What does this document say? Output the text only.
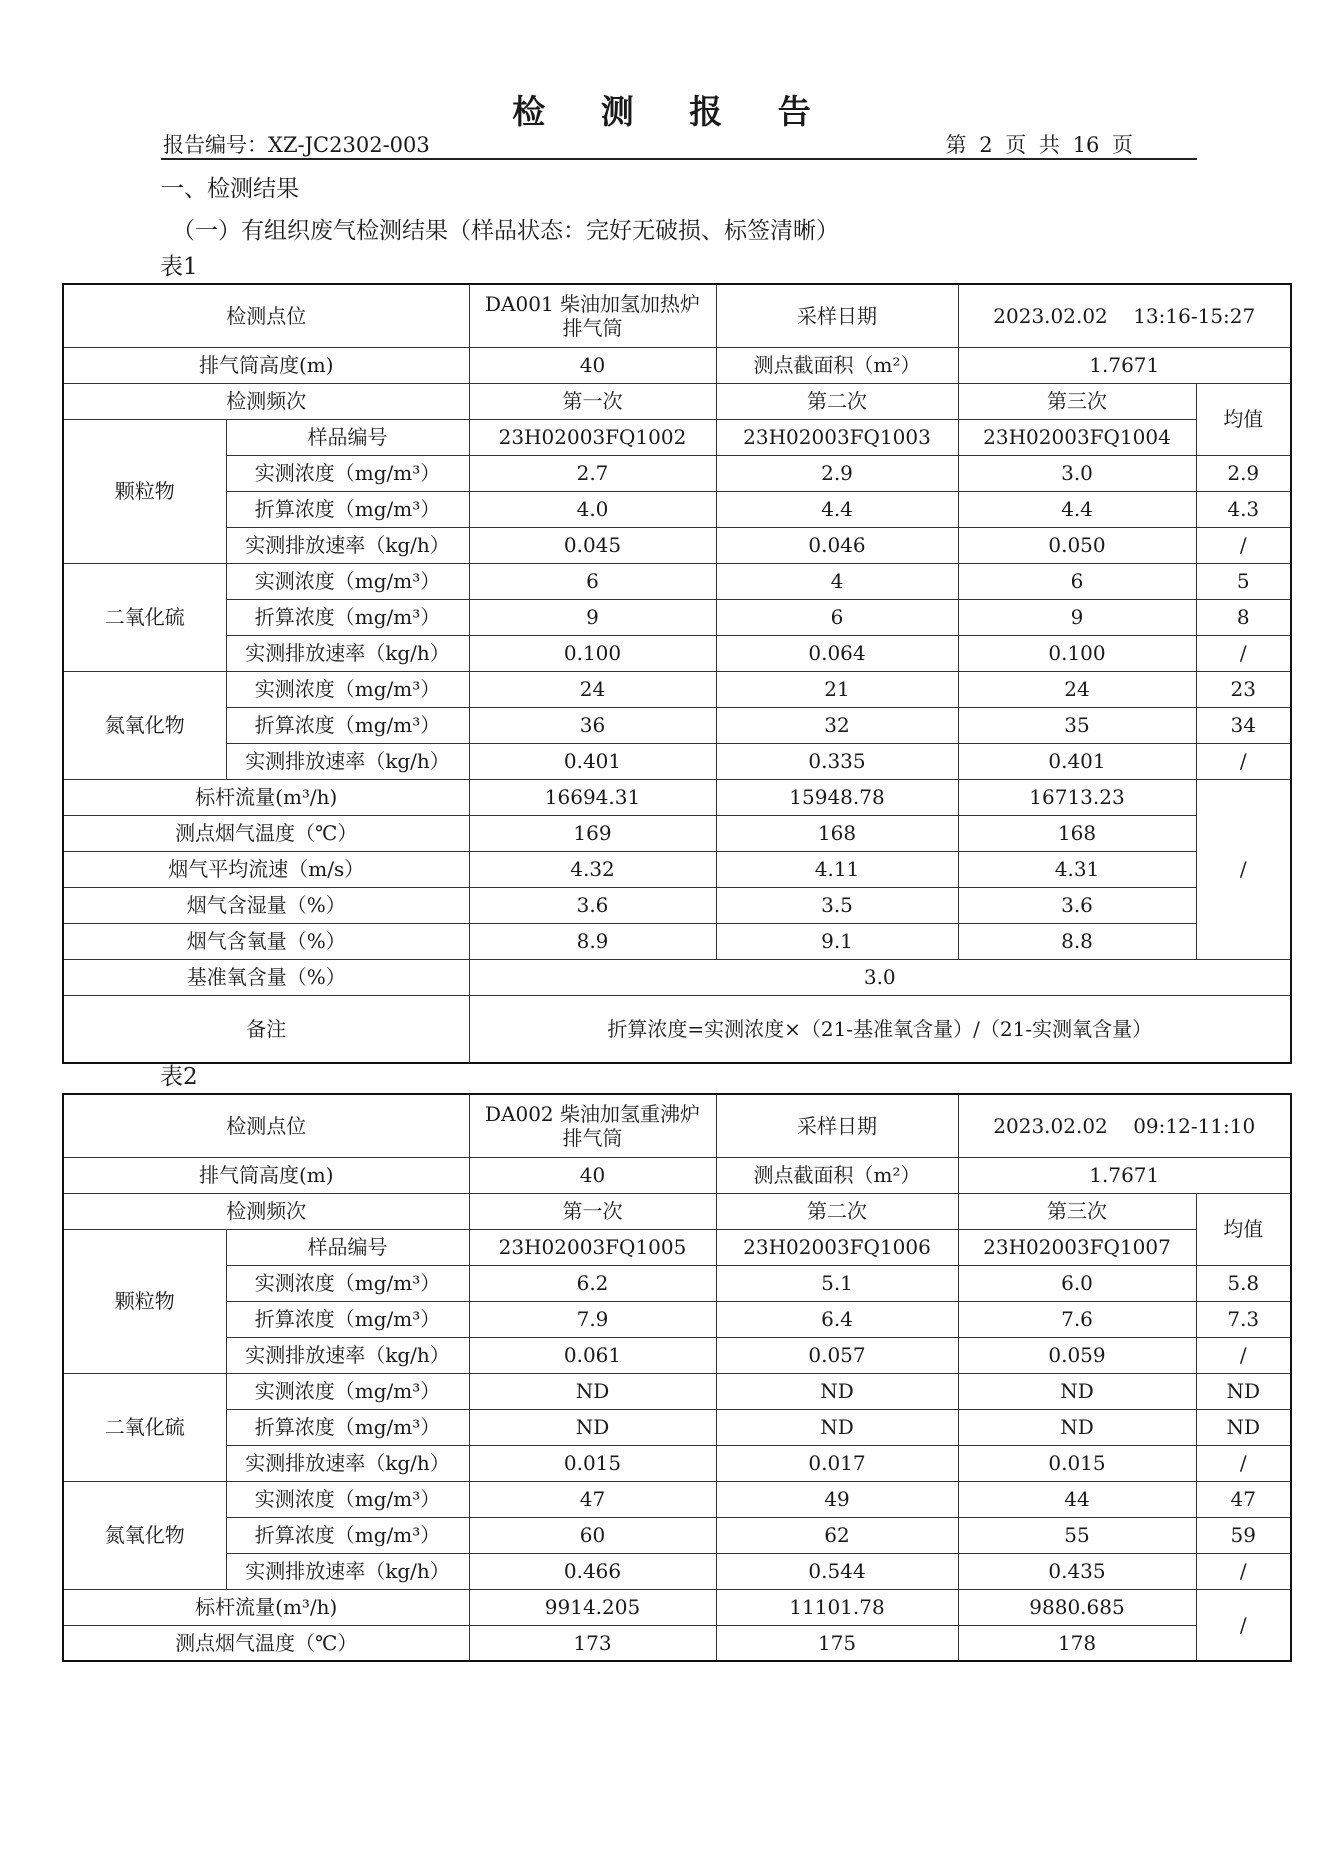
检 测 报 告
报告编号：XZ-JC2302-003	第 2 页 共 16 页
一、检测结果
（一）有组织废气检测结果（样品状态：完好无破损、标签清晰）
表1
检测点位		DA001 柴油加氢加热炉排气筒	采样日期	2023.02.02    13:16-15:27	
排气筒高度(m)		40	测点截面积（m²）	1.7671	
检测频次		第一次	第二次	第三次	均值
颗粒物	样品编号	23H02003FQ1002	23H02003FQ1003	23H02003FQ1004	
	实测浓度（mg/m³）	2.7	2.9	3.0	2.9
	折算浓度（mg/m³）	4.0	4.4	4.4	4.3
	实测排放速率（kg/h）	0.045	0.046	0.050	/
二氧化硫	实测浓度（mg/m³）	6	4	6	5
	折算浓度（mg/m³）	9	6	9	8
	实测排放速率（kg/h）	0.100	0.064	0.100	/
氮氧化物	实测浓度（mg/m³）	24	21	24	23
	折算浓度（mg/m³）	36	32	35	34
	实测排放速率（kg/h）	0.401	0.335	0.401	/
标杆流量(m³/h)		16694.31	15948.78	16713.23	/
测点烟气温度（℃）		169	168	168	
烟气平均流速（m/s）		4.32	4.11	4.31	
烟气含湿量（%）		3.6	3.5	3.6	
烟气含氧量（%）		8.9	9.1	8.8	
基准氧含量（%）		3.0			
备注		折算浓度=实测浓度×（21-基准氧含量）/（21-实测氧含量）			
表2
检测点位		DA002 柴油加氢重沸炉排气筒	采样日期	2023.02.02    09:12-11:10	
排气筒高度(m)		40	测点截面积（m²）	1.7671	
检测频次		第一次	第二次	第三次	均值
颗粒物	样品编号	23H02003FQ1005	23H02003FQ1006	23H02003FQ1007	
	实测浓度（mg/m³）	6.2	5.1	6.0	5.8
	折算浓度（mg/m³）	7.9	6.4	7.6	7.3
	实测排放速率（kg/h）	0.061	0.057	0.059	/
二氧化硫	实测浓度（mg/m³）	ND	ND	ND	ND
	折算浓度（mg/m³）	ND	ND	ND	ND
	实测排放速率（kg/h）	0.015	0.017	0.015	/
氮氧化物	实测浓度（mg/m³）	47	49	44	47
	折算浓度（mg/m³）	60	62	55	59
	实测排放速率（kg/h）	0.466	0.544	0.435	/
标杆流量(m³/h)		9914.205	11101.78	9880.685	/
测点烟气温度（℃）		173	175	178	
